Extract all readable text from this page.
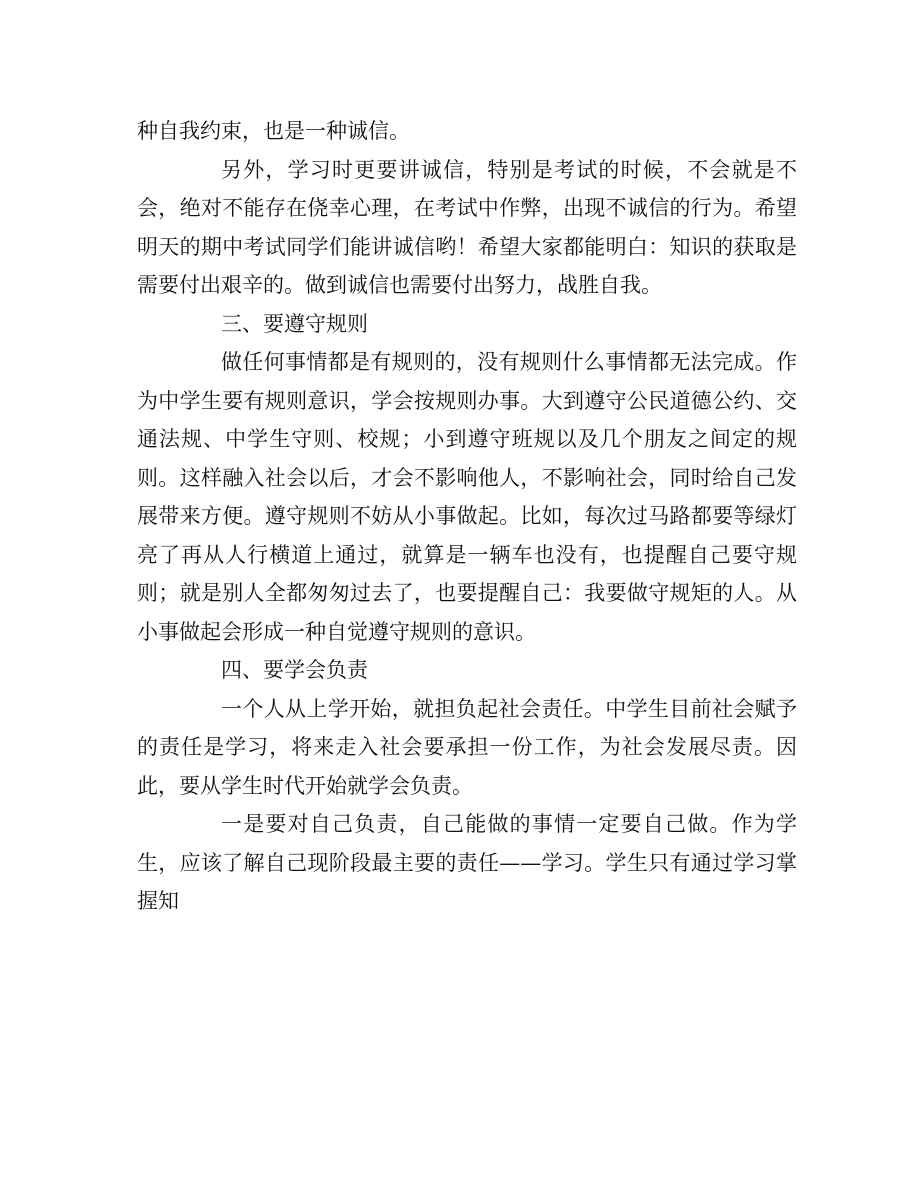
种自我约束，也是一种诚信。

另外，学习时更要讲诚信，特别是考试的时候，不会就是不会，绝对不能存在侥幸心理，在考试中作弊，出现不诚信的行为。希望明天的期中考试同学们能讲诚信哟！希望大家都能明白：知识的获取是需要付出艰辛的。做到诚信也需要付出努力，战胜自我。

三、要遵守规则

做任何事情都是有规则的，没有规则什么事情都无法完成。作为中学生要有规则意识，学会按规则办事。大到遵守公民道德公约、交通法规、中学生守则、校规；小到遵守班规以及几个朋友之间定的规则。这样融入社会以后，才会不影响他人，不影响社会，同时给自己发展带来方便。遵守规则不妨从小事做起。比如，每次过马路都要等绿灯亮了再从人行横道上通过，就算是一辆车也没有，也提醒自己要守规则；就是别人全都匆匆过去了，也要提醒自己：我要做守规矩的人。从小事做起会形成一种自觉遵守规则的意识。

四、要学会负责

一个人从上学开始，就担负起社会责任。中学生目前社会赋予的责任是学习，将来走入社会要承担一份工作，为社会发展尽责。因此，要从学生时代开始就学会负责。

一是要对自己负责，自己能做的事情一定要自己做。作为学生，应该了解自己现阶段最主要的责任——学习。学生只有通过学习掌握知
